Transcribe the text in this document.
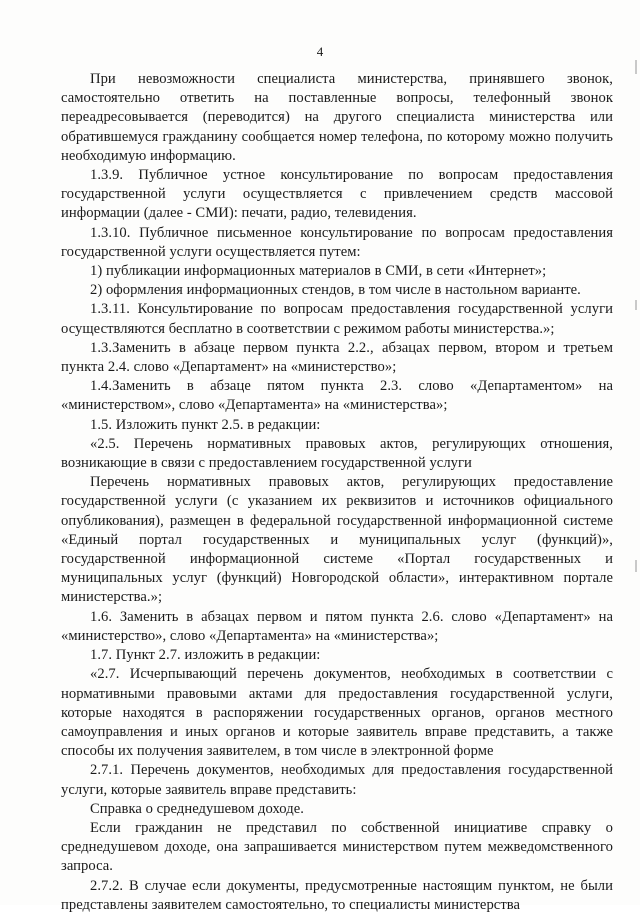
4

При невозможности специалиста министерства, принявшего звонок, самостоятельно ответить на поставленные вопросы, телефонный звонок переадресовывается (переводится) на другого специалиста министерства или обратившемуся гражданину сообщается номер телефона, по которому можно получить необходимую информацию.

1.3.9. Публичное устное консультирование по вопросам предоставления государственной услуги осуществляется с привлечением средств массовой информации (далее - СМИ): печати, радио, телевидения.

1.3.10. Публичное письменное консультирование по вопросам предоставления государственной услуги осуществляется путем:

1) публикации информационных материалов в СМИ, в сети «Интернет»;

2) оформления информационных стендов, в том числе в настольном варианте.

1.3.11. Консультирование по вопросам предоставления государственной услуги осуществляются бесплатно в соответствии с режимом работы министерства.»;

1.3.Заменить в абзаце первом пункта 2.2., абзацах первом, втором и третьем пункта 2.4. слово «Департамент» на «министерство»;

1.4.Заменить в абзаце пятом пункта 2.3. слово «Департаментом» на «министерством», слово «Департамента» на «министерства»;

1.5. Изложить пункт 2.5. в редакции:

«2.5. Перечень нормативных правовых актов, регулирующих отношения, возникающие в связи с предоставлением государственной услуги

Перечень нормативных правовых актов, регулирующих предоставление государственной услуги (с указанием их реквизитов и источников официального опубликования), размещен в федеральной государственной информационной системе «Единый портал государственных и муниципальных услуг (функций)», государственной информационной системе «Портал государственных и муниципальных услуг (функций) Новгородской области», интерактивном портале министерства.»;

1.6. Заменить в абзацах первом и пятом пункта 2.6. слово «Департамент» на «министерство», слово «Департамента» на «министерства»;

1.7. Пункт 2.7. изложить в редакции:

«2.7. Исчерпывающий перечень документов, необходимых в соответствии с нормативными правовыми актами для предоставления государственной услуги, которые находятся в распоряжении государственных органов, органов местного самоуправления и иных органов и которые заявитель вправе представить, а также способы их получения заявителем, в том числе в электронной форме

2.7.1. Перечень документов, необходимых для предоставления государственной услуги, которые заявитель вправе представить:

Справка о среднедушевом доходе.

Если гражданин не представил по собственной инициативе справку о среднедушевом доходе, она запрашивается министерством путем межведомственного запроса.

2.7.2. В случае если документы, предусмотренные настоящим пунктом, не были представлены заявителем самостоятельно, то специалисты министерства
